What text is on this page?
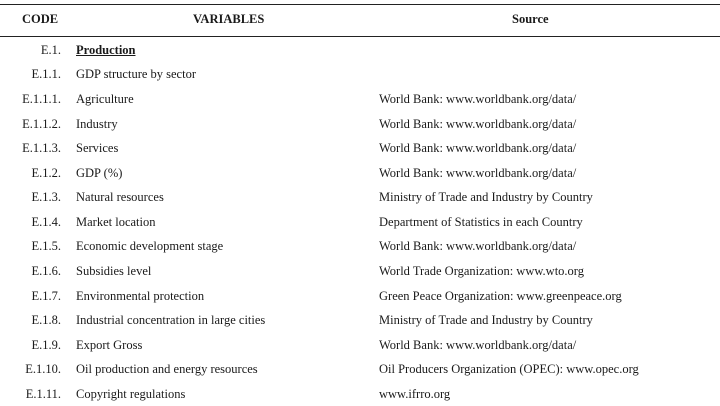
CODE	VARIABLES	Source
E.1. Production
E.1.1. GDP structure by sector
E.1.1.1. Agriculture	World Bank: www.worldbank.org/data/
E.1.1.2. Industry	World Bank: www.worldbank.org/data/
E.1.1.3. Services	World Bank: www.worldbank.org/data/
E.1.2. GDP (%)	World Bank: www.worldbank.org/data/
E.1.3. Natural resources	Ministry of Trade and Industry by Country
E.1.4. Market location	Department of Statistics in each Country
E.1.5. Economic development stage	World Bank: www.worldbank.org/data/
E.1.6. Subsidies level	World Trade Organization: www.wto.org
E.1.7. Environmental protection	Green Peace Organization: www.greenpeace.org
E.1.8. Industrial concentration in large cities	Ministry of Trade and Industry by Country
E.1.9. Export Gross	World Bank: www.worldbank.org/data/
E.1.10. Oil production and energy resources	Oil Producers Organization (OPEC): www.opec.org
E.1.11. Copyright regulations	www.ifrro.org
